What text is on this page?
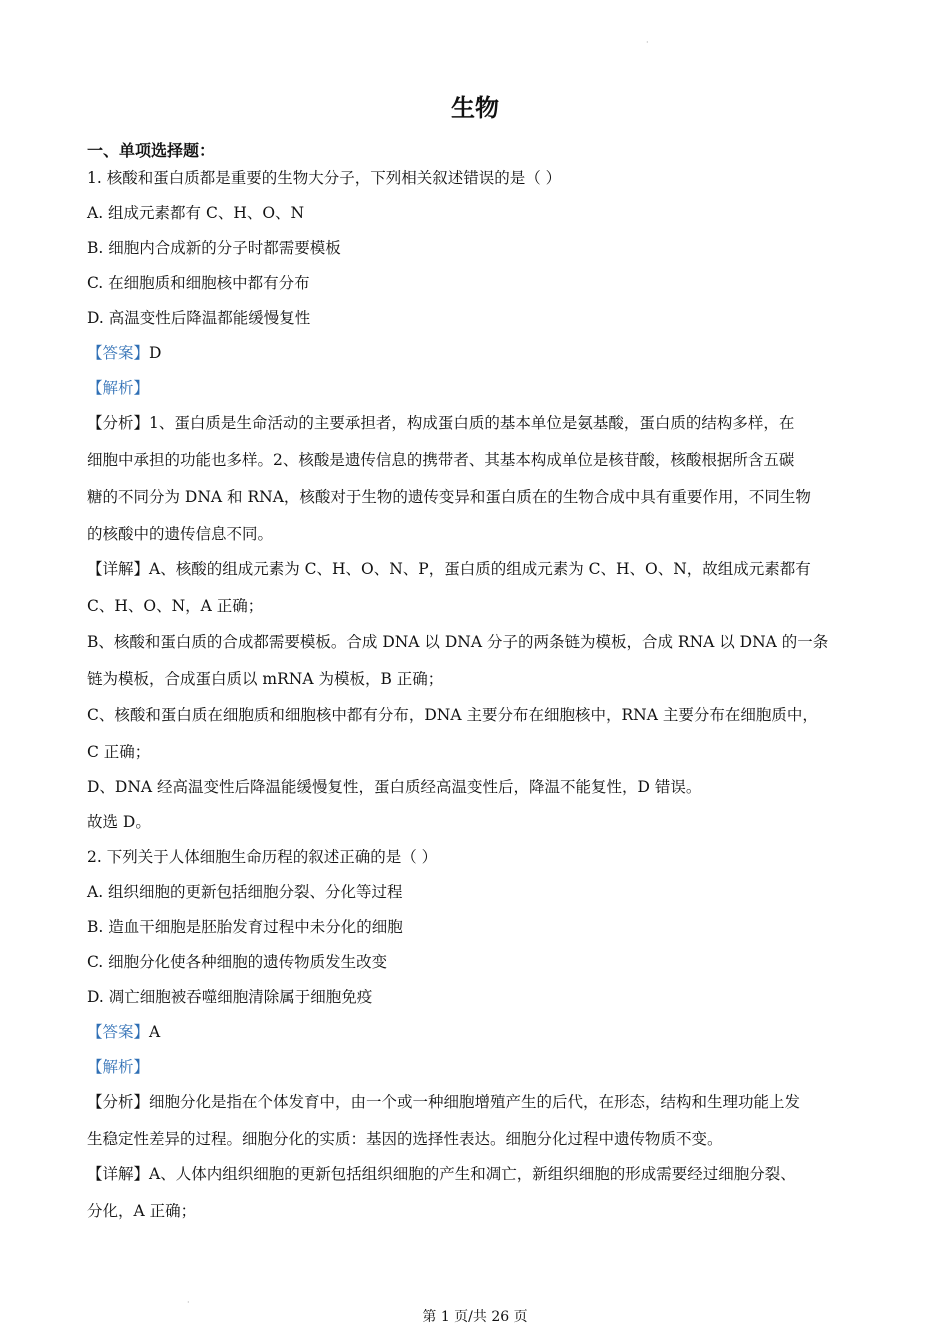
·
生物
一、单项选择题：
1. 核酸和蛋白质都是重要的生物大分子，下列相关叙述错误的是（ ）
A. 组成元素都有 C、H、O、N
B. 细胞内合成新的分子时都需要模板
C. 在细胞质和细胞核中都有分布
D. 高温变性后降温都能缓慢复性
【答案】D
【解析】
【分析】1、蛋白质是生命活动的主要承担者，构成蛋白质的基本单位是氨基酸，蛋白质的结构多样，在
细胞中承担的功能也多样。2、核酸是遗传信息的携带者、其基本构成单位是核苷酸，核酸根据所含五碳
糖的不同分为 DNA 和 RNA，核酸对于生物的遗传变异和蛋白质在的生物合成中具有重要作用，不同生物
的核酸中的遗传信息不同。
【详解】A、核酸的组成元素为 C、H、O、N、P，蛋白质的组成元素为 C、H、O、N，故组成元素都有
C、H、O、N，A 正确；
B、核酸和蛋白质的合成都需要模板。合成 DNA 以 DNA 分子的两条链为模板，合成 RNA 以 DNA 的一条
链为模板，合成蛋白质以 mRNA 为模板，B 正确；
C、核酸和蛋白质在细胞质和细胞核中都有分布，DNA 主要分布在细胞核中，RNA 主要分布在细胞质中，
C 正确；
D、DNA 经高温变性后降温能缓慢复性，蛋白质经高温变性后，降温不能复性，D 错误。
故选 D。
2. 下列关于人体细胞生命历程的叙述正确的是（ ）
A. 组织细胞的更新包括细胞分裂、分化等过程
B. 造血干细胞是胚胎发育过程中未分化的细胞
C. 细胞分化使各种细胞的遗传物质发生改变
D. 凋亡细胞被吞噬细胞清除属于细胞免疫
【答案】A
【解析】
【分析】细胞分化是指在个体发育中，由一个或一种细胞增殖产生的后代，在形态，结构和生理功能上发
生稳定性差异的过程。细胞分化的实质：基因的选择性表达。细胞分化过程中遗传物质不变。
【详解】A、人体内组织细胞的更新包括组织细胞的产生和凋亡，新组织细胞的形成需要经过细胞分裂、
分化，A 正确；
·
第 1 页/共 26 页
